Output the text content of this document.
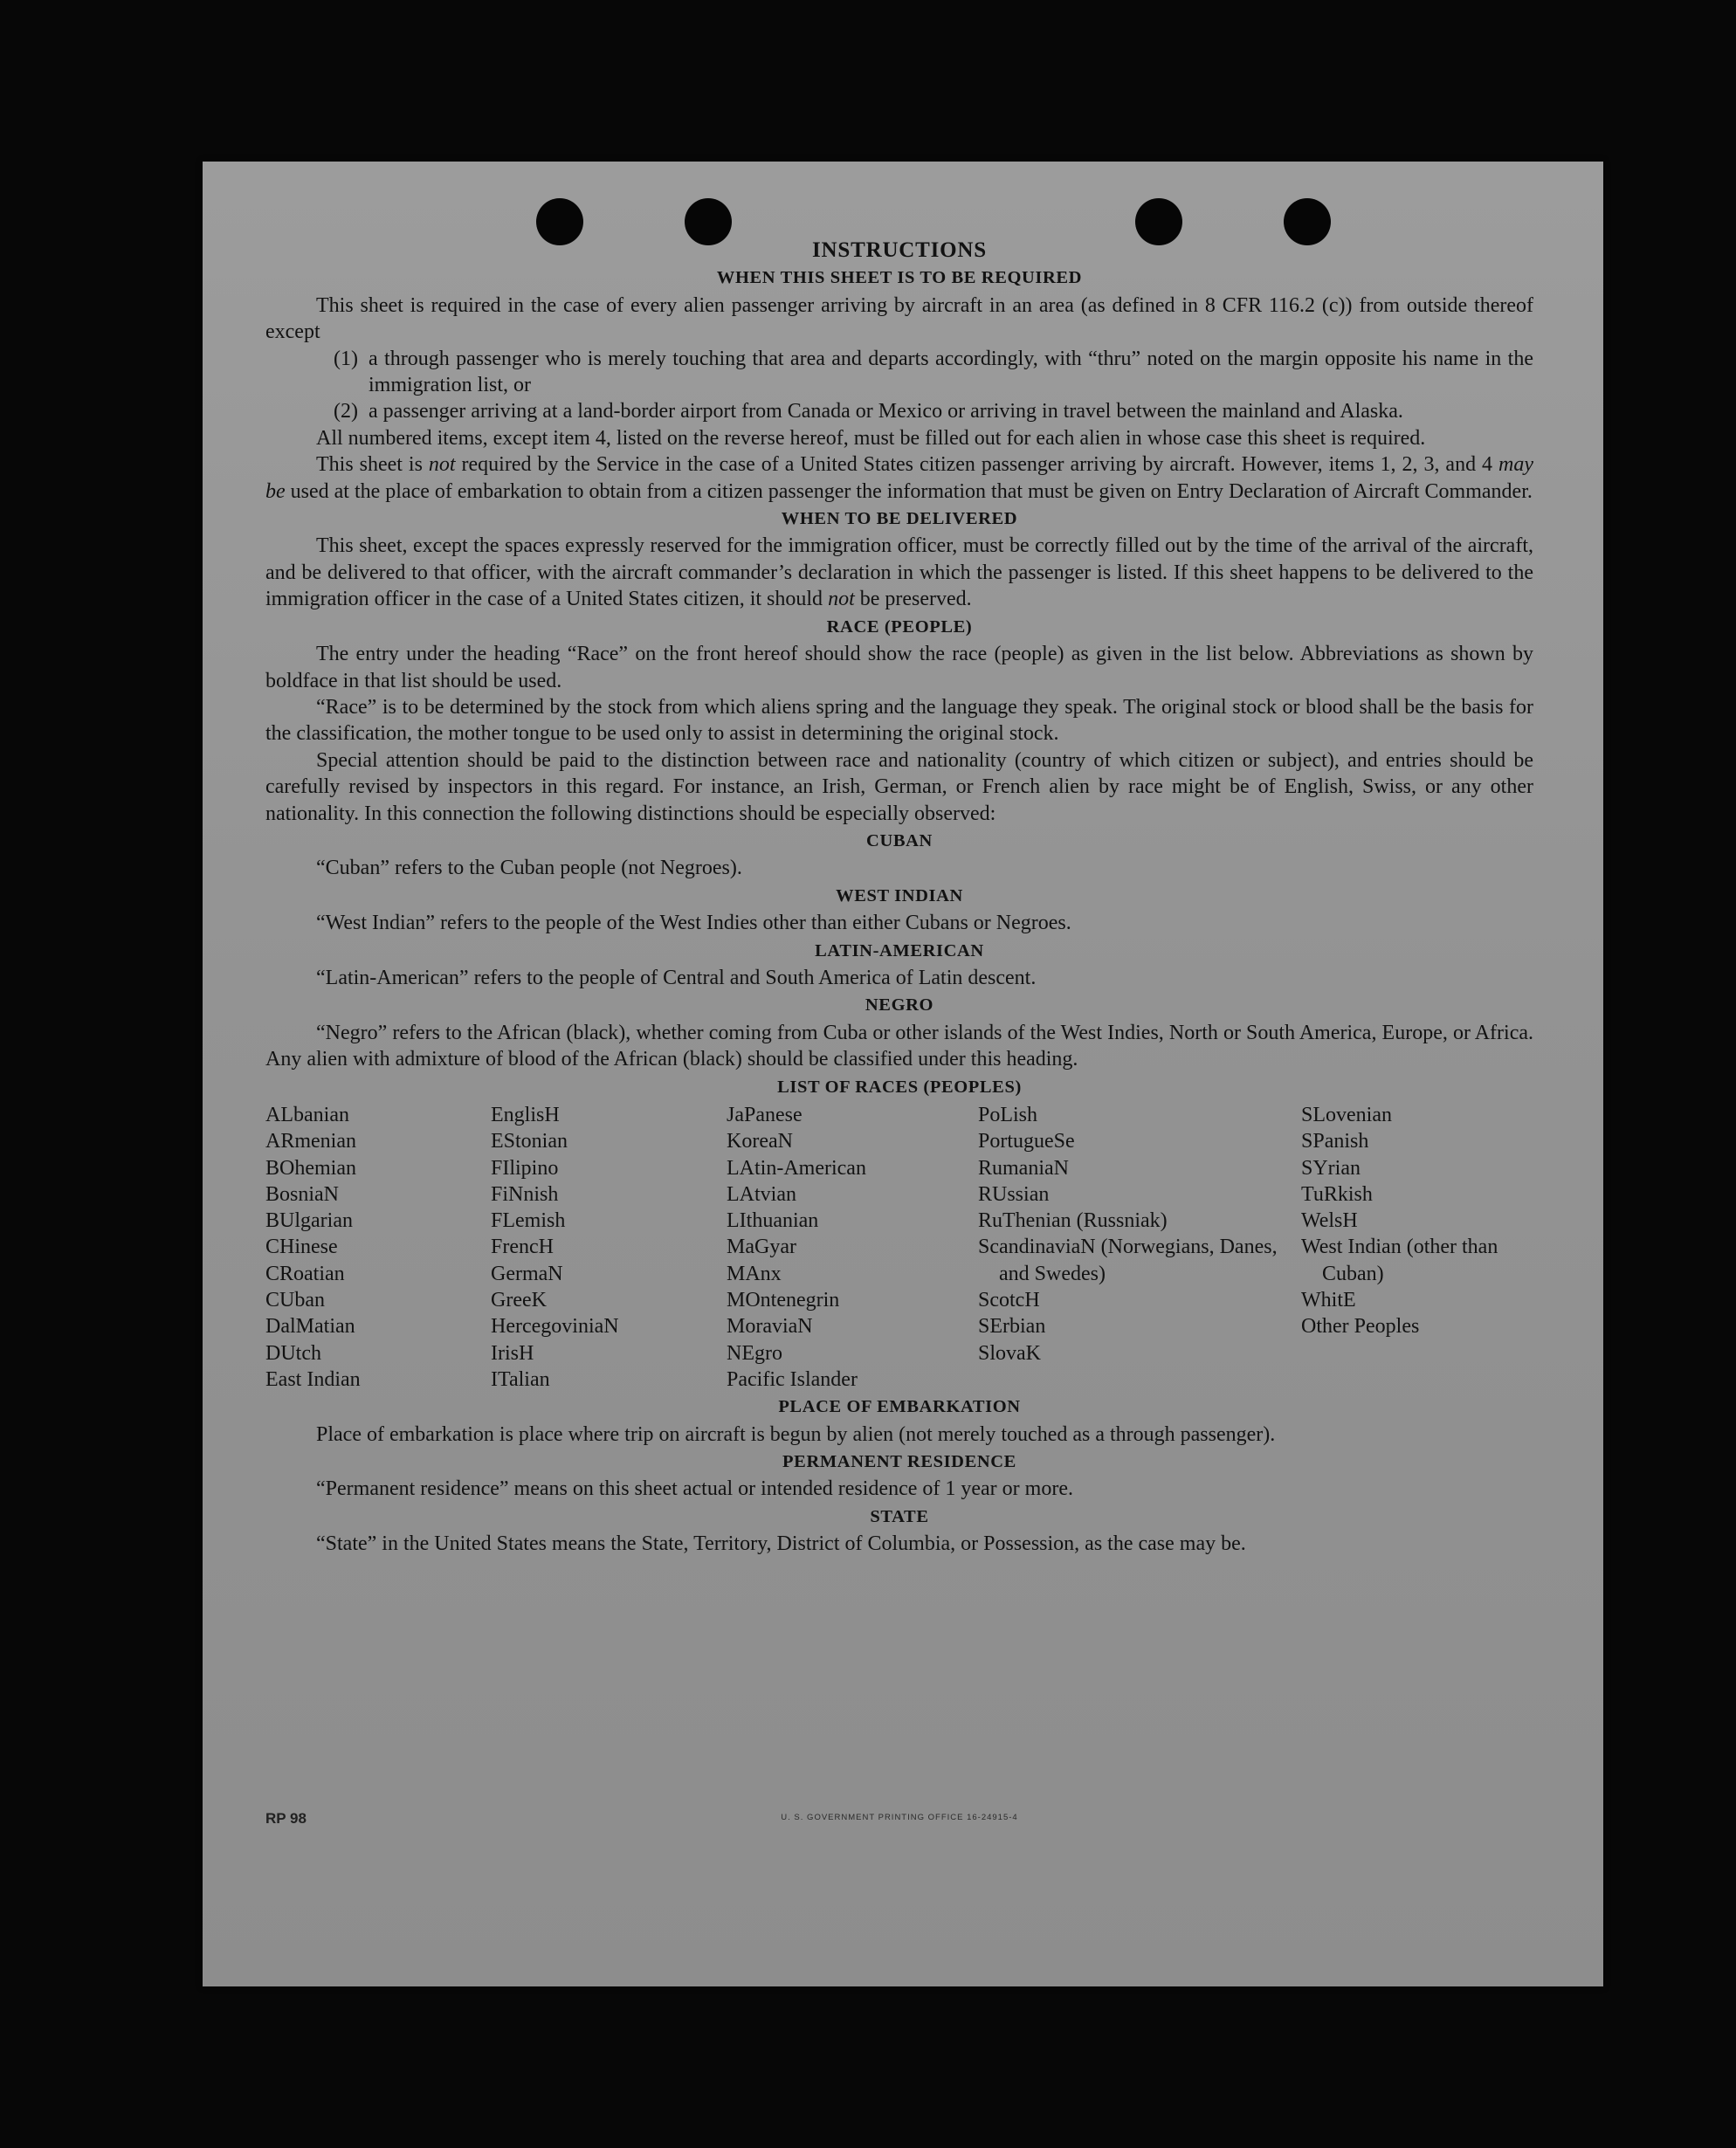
INSTRUCTIONS
WHEN THIS SHEET IS TO BE REQUIRED

This sheet is required in the case of every alien passenger arriving by aircraft in an area (as defined in 8 CFR 116.2 (c)) from outside thereof except

(1) a through passenger who is merely touching that area and departs accordingly, with “thru” noted on the margin opposite his name in the immigration list, or
(2) a passenger arriving at a land-border airport from Canada or Mexico or arriving in travel between the mainland and Alaska.

All numbered items, except item 4, listed on the reverse hereof, must be filled out for each alien in whose case this sheet is required.

This sheet is not required by the Service in the case of a United States citizen passenger arriving by aircraft. However, items 1, 2, 3, and 4 may be used at the place of embarkation to obtain from a citizen passenger the information that must be given on Entry Declaration of Aircraft Commander.

WHEN TO BE DELIVERED

This sheet, except the spaces expressly reserved for the immigration officer, must be correctly filled out by the time of the arrival of the aircraft, and be delivered to that officer, with the aircraft commander’s declaration in which the passenger is listed. If this sheet happens to be delivered to the immigration officer in the case of a United States citizen, it should not be preserved.

RACE (PEOPLE)

The entry under the heading “Race” on the front hereof should show the race (people) as given in the list below. Abbreviations as shown by boldface in that list should be used.

“Race” is to be determined by the stock from which aliens spring and the language they speak. The original stock or blood shall be the basis for the classification, the mother tongue to be used only to assist in determining the original stock.

Special attention should be paid to the distinction between race and nationality (country of which citizen or subject), and entries should be carefully revised by inspectors in this regard. For instance, an Irish, German, or French alien by race might be of English, Swiss, or any other nationality. In this connection the following distinctions should be especially observed:

CUBAN

“Cuban” refers to the Cuban people (not Negroes).

WEST INDIAN

“West Indian” refers to the people of the West Indies other than either Cubans or Negroes.

LATIN-AMERICAN

“Latin-American” refers to the people of Central and South America of Latin descent.

NEGRO

“Negro” refers to the African (black), whether coming from Cuba or other islands of the West Indies, North or South America, Europe, or Africa. Any alien with admixture of blood of the African (black) should be classified under this heading.

LIST OF RACES (PEOPLES)
ALbanian
ARmenian
BOhemian
BosniaN
BUlgarian
CHinese
CRoatian
CUban
DalMatian
DUtch
East Indian
EnglisH
EStonian
FIlipino
FiNnish
FLemish
FrencH
GermaN
GreeK
HercegoviniaN
IrisH
ITalian
JaPanese
KoreaN
LAtin-American
LAtvian
LIthuanian
MaGyar
MAnx
MOntenegrin
MoraviaN
NEgro
Pacific Islander
PoLish
PortugueSe
RumaniaN
RUssian
RuThenian (Russniak)
ScandinaviaN (Norwegians, Danes, and Swedes)
ScotcH
SErbian
SlovaK
SLovenian
SPanish
SYrian
TuRkish
WelsH
West Indian (other than Cuban)
WhitE
Other Peoples
PLACE OF EMBARKATION

Place of embarkation is place where trip on aircraft is begun by alien (not merely touched as a through passenger).

PERMANENT RESIDENCE

“Permanent residence” means on this sheet actual or intended residence of 1 year or more.

STATE

“State” in the United States means the State, Territory, District of Columbia, or Possession, as the case may be.

RP 98	U. S. GOVERNMENT PRINTING OFFICE 16-24915-4
